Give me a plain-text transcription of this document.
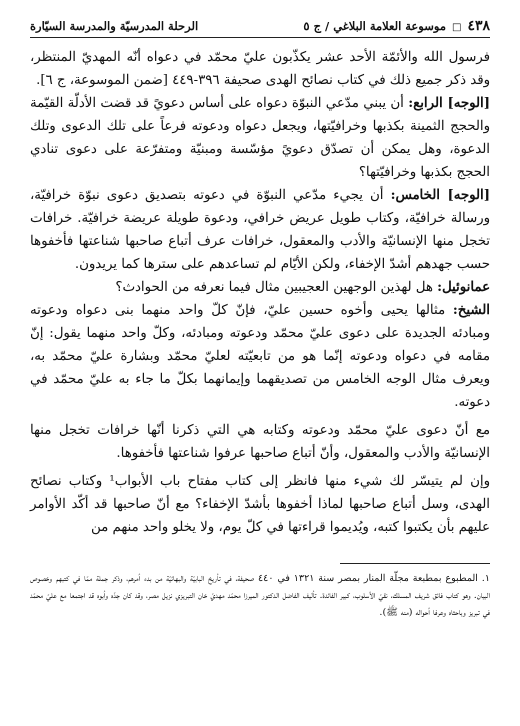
٤٣٨
□
موسوعة العلامة البلاغي / ج ٥
الرحلة المدرسيّة والمدرسة السيّارة

فرسول الله والأئمّة الأحد عشر يكذّبون عليّ محمّد في دعواه أنّه المهديّ المنتظر، وقد ذكر جميع ذلك في كتاب نصائح الهدى صحيفة ٣٩٦-٤٤٩ [ضمن الموسوعة، ج ٦].

[الوجه] الرابع: أن يبني مدّعي النبوّة دعواه على أساس دعويً قد قضت الأدلّة القيّمة والحجج الثمينة بكذبها وخرافيّتها، ويجعل دعواه ودعوته فرعاً على تلك الدعوى وتلك الدعوة، وهل يمكن أن تصدّق دعويً مؤسّسة ومبنيّة ومتفرّعة على دعوى تنادي الحجج بكذبها وخرافيّتها؟

[الوجه] الخامس: أن يجيء مدّعي النبوّة في دعوته بتصديق دعوى نبوّة خرافيّة، ورسالة خرافيّة، وكتاب طويل عريض خرافي، ودعوة طويلة عريضة خرافيّة. خرافات تخجل منها الإنسانيّة والأدب والمعقول، خرافات عرف أتباع صاحبها شناعتها فأخفوها حسب جهدهم أشدّ الإخفاء، ولكن الأيّام لم تساعدهم على سترها كما يريدون.

عمانوئيل: هل لهذين الوجهين العجيبين مثال فيما نعرفه من الحوادث؟

الشيخ: مثالها يحيى وأخوه حسين عليّ، فإنّ كلّ واحد منهما بنى دعواه ودعوته ومبادئه الجديدة على دعوى عليّ محمّد ودعوته ومبادئه، وكلّ واحد منهما يقول: إنّ مقامه في دعواه ودعوته إنّما هو من تابعيّته لعليّ محمّد وبشارة عليّ محمّد به، ويعرف مثال الوجه الخامس من تصديقهما وإيمانهما بكلّ ما جاء به عليّ محمّد في دعوته.

مع أنّ دعوى عليّ محمّد ودعوته وكتابه هي التي ذكرنا أنّها خرافات تخجل منها الإنسانيّة والأدب والمعقول، وأنّ أتباع صاحبها عرفوا شناعتها فأخفوها.

وإن لم يتيسّر لك شيء منها فانظر إلى كتاب مفتاح باب الأبواب¹ وكتاب نصائح الهدى، وسل أتباع صاحبها لماذا أخفوها بأشدّ الإخفاء؟ مع أنّ صاحبها قد أكّد الأوامر عليهم بأن يكتبوا كتبه، ويُديموا قراءتها في كلّ يوم، ولا يخلو واحد منهم من

١. المطبوع بمطبعة مجلّة المنار بمصر سنة ١٣٢١ في ٤٤٠ صحيفة، في تأريخ البابيّة والبهائيّة من بدء أمرهم، وذكر جملة ممّا في كتبهم وخصوص البيان. وهو كتاب فائق شريف المسلك، نقيّ الأسلوب، كبير الفائدة. تأليف الفاضل الدكتور الميرزا محمّد مهديّ خان التبريزي نزيل مصر، وقد كان جدّه وأبوه قد اجتمعا مع عليّ محمّد في تبريز وباحثاه وعرفا أحواله (منه ﷺ).
